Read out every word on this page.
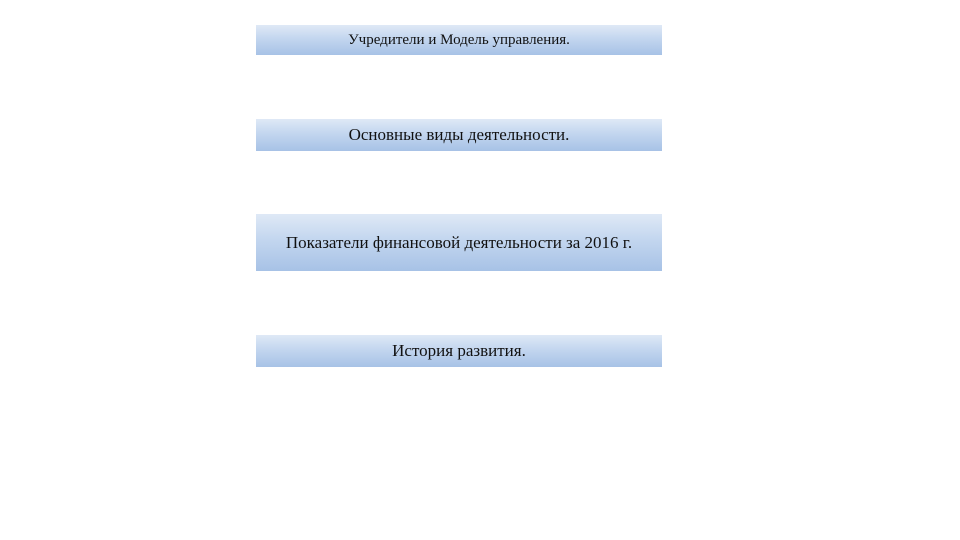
Учредители и Модель управления.
Основные виды деятельности.
Показатели финансовой деятельности за 2016 г.
История развития.
